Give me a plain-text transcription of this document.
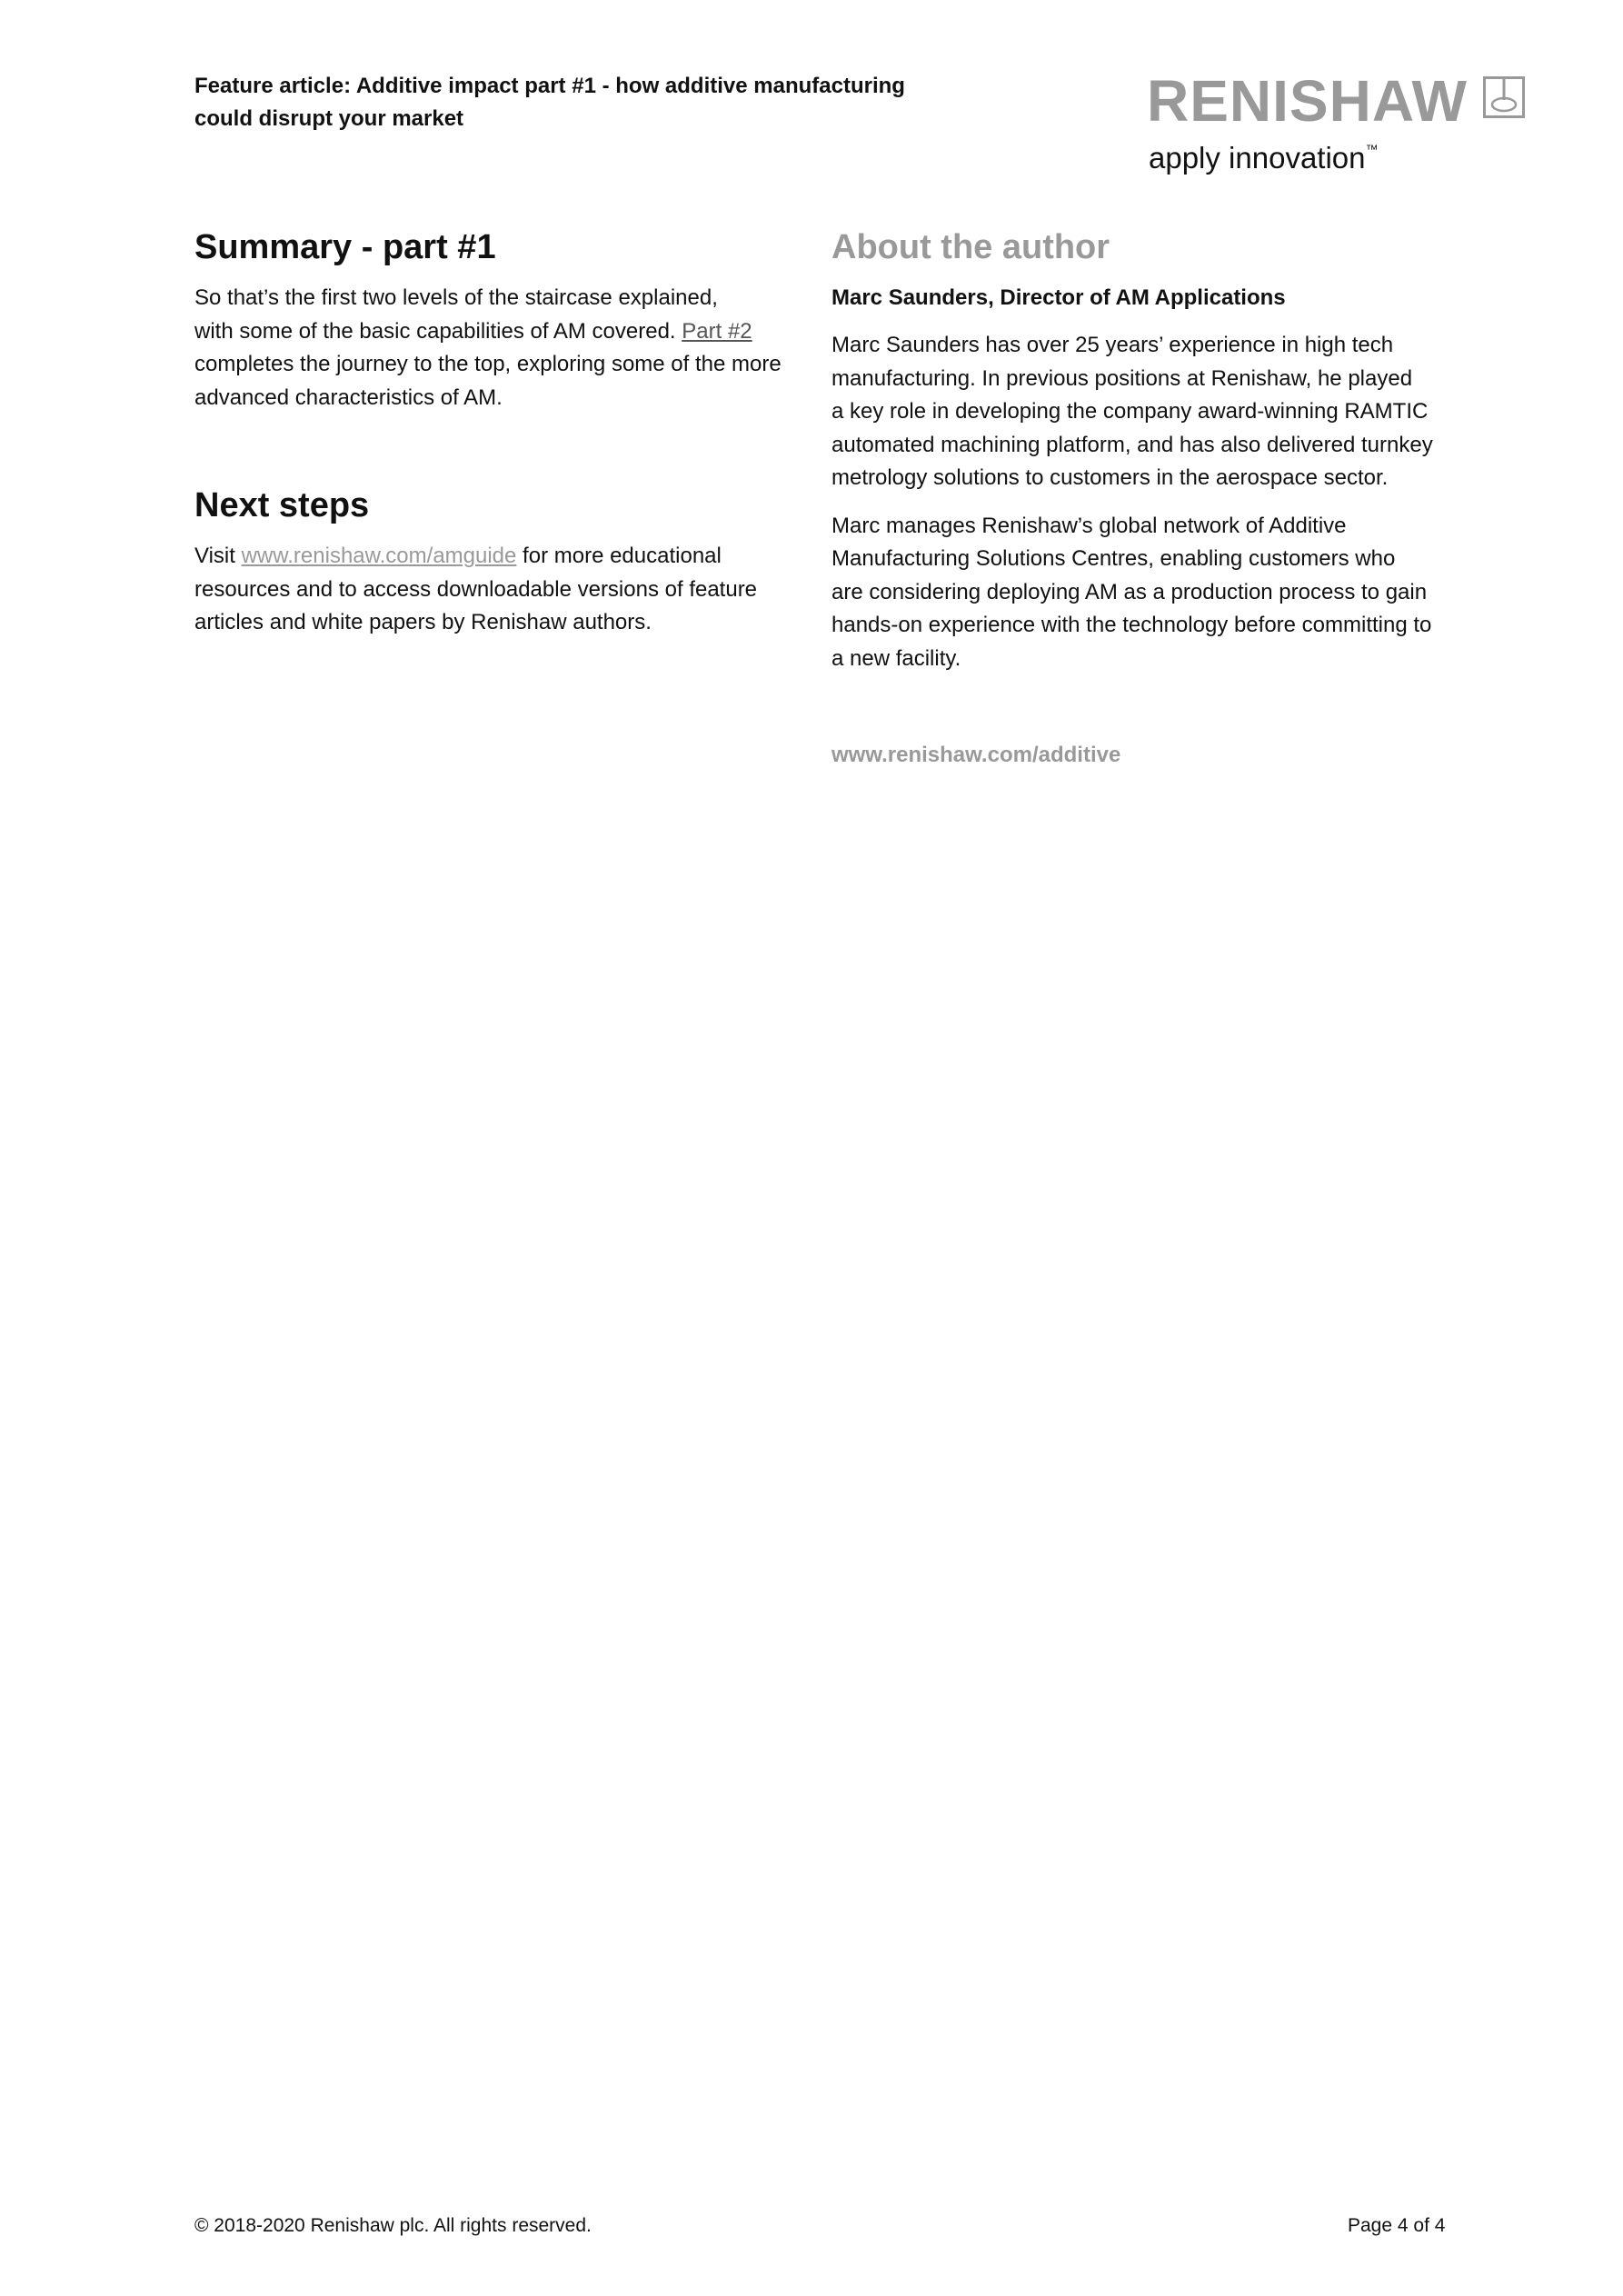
Feature article: Additive impact part #1 - how additive manufacturing
could disrupt your market	RENISHAW
apply innovation™
Summary - part #1

So that’s the first two levels of the staircase explained,
with some of the basic capabilities of AM covered. Part #2
completes the journey to the top, exploring some of the more
advanced characteristics of AM.

Next steps

Visit www.renishaw.com/amguide for more educational
resources and to access downloadable versions of feature
articles and white papers by Renishaw authors.

About the author
Marc Saunders, Director of AM Applications

Marc Saunders has over 25 years’ experience in high tech
manufacturing. In previous positions at Renishaw, he played
a key role in developing the company award-winning RAMTIC
automated machining platform, and has also delivered turnkey
metrology solutions to customers in the aerospace sector.

Marc manages Renishaw’s global network of Additive
Manufacturing Solutions Centres, enabling customers who
are considering deploying AM as a production process to gain
hands-on experience with the technology before committing to
a new facility.

www.renishaw.com/additive
© 2018-2020 Renishaw plc. All rights reserved.	Page 4 of 4
